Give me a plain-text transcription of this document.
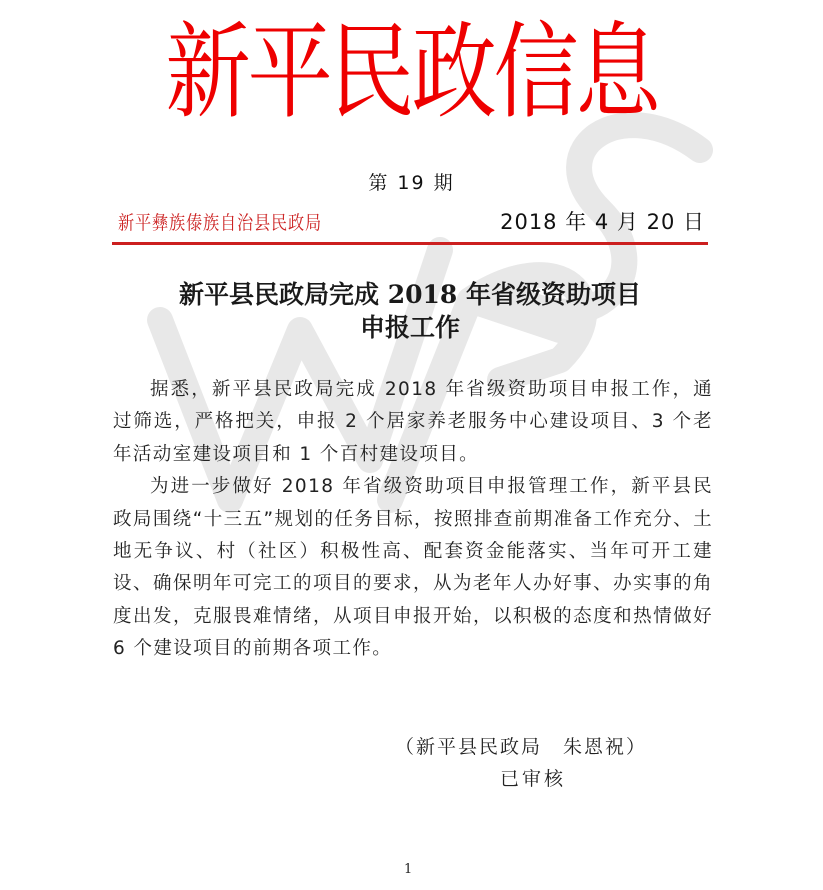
新平民政信息
第 19 期
新平彝族傣族自治县民政局	2018 年 4 月 20 日
新平县民政局完成 2018 年省级资助项目
申报工作

据悉，新平县民政局完成 2018 年省级资助项目申报工作，通过筛选，严格把关，申报 2 个居家养老服务中心建设项目、3 个老年活动室建设项目和 1 个百村建设项目。

为进一步做好 2018 年省级资助项目申报管理工作，新平县民政局围绕“十三五”规划的任务目标，按照排查前期准备工作充分、土地无争议、村（社区）积极性高、配套资金能落实、当年可开工建设、确保明年可完工的项目的要求，从为老年人办好事、办实事的角度出发，克服畏难情绪，从项目申报开始，以积极的态度和热情做好 6 个建设项目的前期各项工作。

（新平县民政局　朱恩祝）
已审核
1
